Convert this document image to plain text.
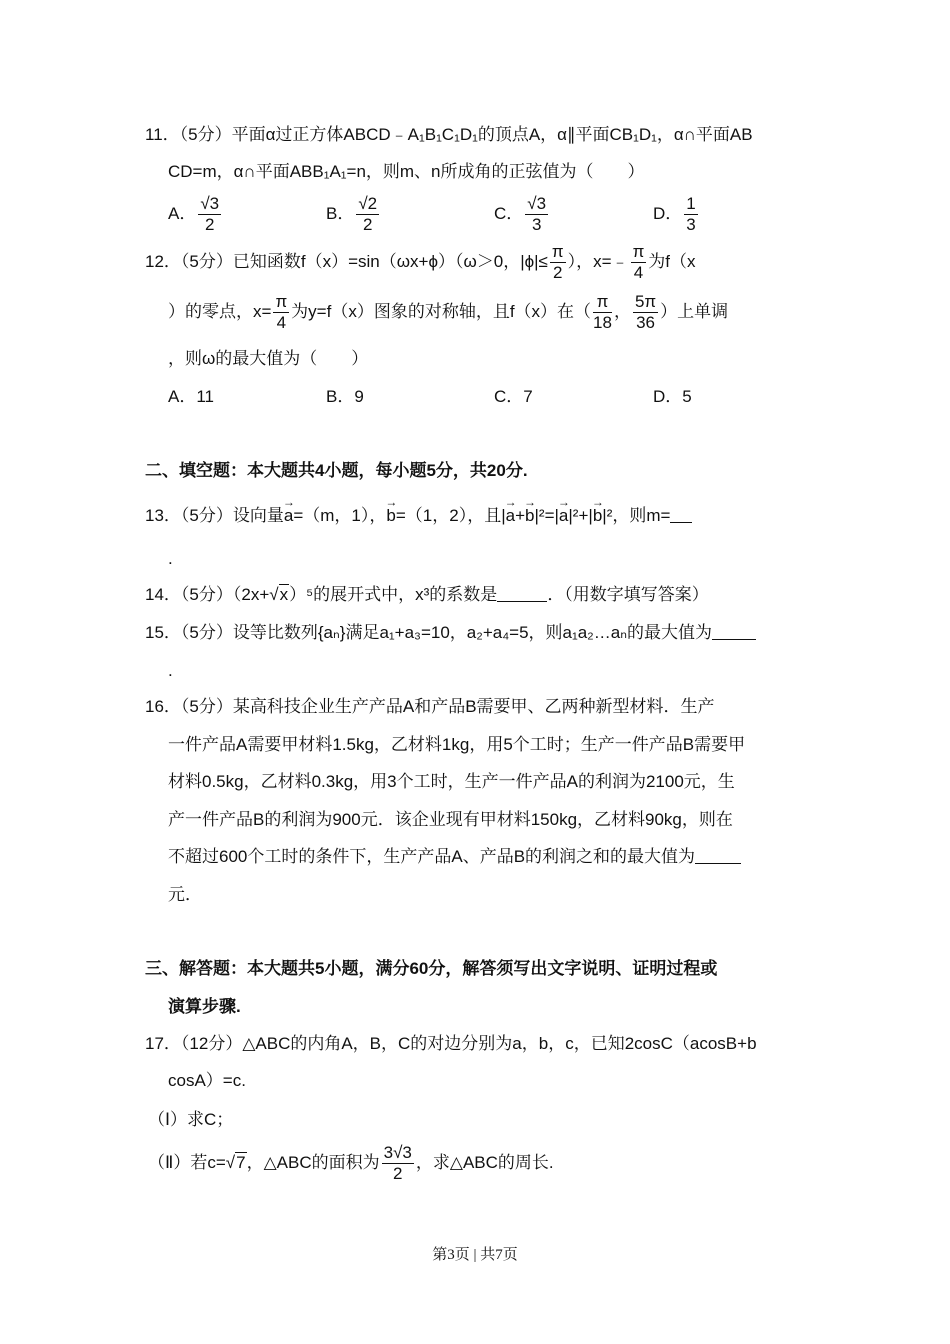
11．（5分）平面α过正方体ABCD﹣A₁B₁C₁D₁的顶点A，α∥平面CB₁D₁，α∩平面AB
CD=m，α∩平面ABB₁A₁=n，则m、n所成角的正弦值为（　　）
A． $\frac{√3}{2}$	B． $\frac{√2}{2}$	C． $\frac{√3}{3}$	D． $\frac{1}{3}$
12．（5分）已知函数f（x）=sin（ωx+ϕ）（ω＞0，$|\phi|\le \frac{\pi}{2}$ ），x=﹣ $\frac{\pi}{4}$ 为f（x
）的零点，$x= \frac{\pi}{4}$ 为y=f（x）图象的对称轴，且f（x）在（ $\frac{\pi}{18}$ ， $\frac{5\pi}{36}$ ）上单调
，则ω的最大值为（　　）
A．11	B．9	C．7	D．5
二、填空题：本大题共4小题，每小题5分，共20分.
13．（5分）设向量→ a=（m，1），→ b=（1，2），且|→ a+→ b|²=|→ a|²+|→ b|²，则m=
.
14．（5分）（2x+√x）⁵的展开式中，x³的系数是	．（用数字填写答案）
15．（5分）设等比数列{aₙ}满足a₁+a₃=10，a₂+a₄=5，则a₁a₂…aₙ的最大值为
.
16．（5分）某高科技企业生产产品A和产品B需要甲、乙两种新型材料．生产
一件产品A需要甲材料1.5kg，乙材料1kg，用5个工时；生产一件产品B需要甲
材料0.5kg，乙材料0.3kg，用3个工时，生产一件产品A的利润为2100元，生
产一件产品B的利润为900元．该企业现有甲材料150kg，乙材料90kg，则在
不超过600个工时的条件下，生产产品A、产品B的利润之和的最大值为
元．
三、解答题：本大题共5小题，满分60分，解答须写出文字说明、证明过程或
演算步骤.
17．（12分）△ABC的内角A，B，C的对边分别为a，b，c，已知2cosC（acosB+b
cosA）=c.
（Ⅰ）求C；
（Ⅱ）若c=√7，△ABC的面积为 $\frac{3√3}{2}$ ，求△ABC的周长.
第3页 | 共7页
